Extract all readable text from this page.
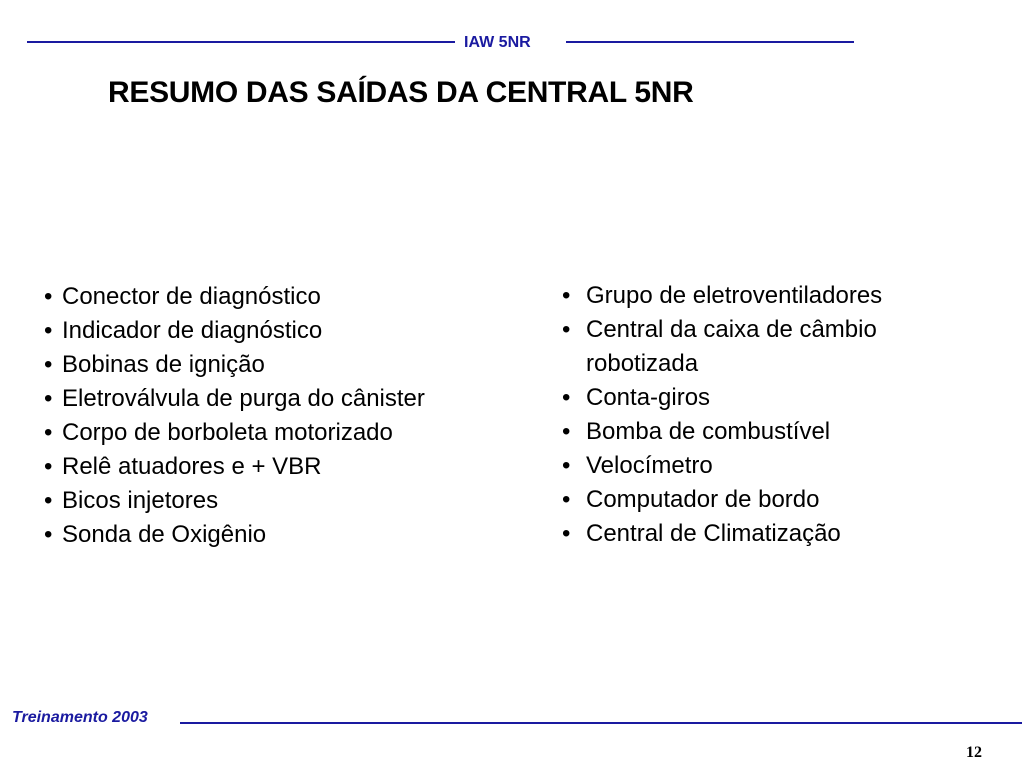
IAW 5NR
RESUMO DAS SAÍDAS DA CENTRAL 5NR
• Conector de diagnóstico
• Indicador de diagnóstico
• Bobinas de ignição
• Eletroválvula de purga do cânister
• Corpo de borboleta motorizado
• Relê atuadores e + VBR
• Bicos injetores
• Sonda de Oxigênio
• Grupo de eletroventiladores
• Central da caixa de câmbio robotizada
• Conta-giros
• Bomba de combustível
• Velocímetro
• Computador de bordo
• Central de Climatização
Treinamento 2003
12
